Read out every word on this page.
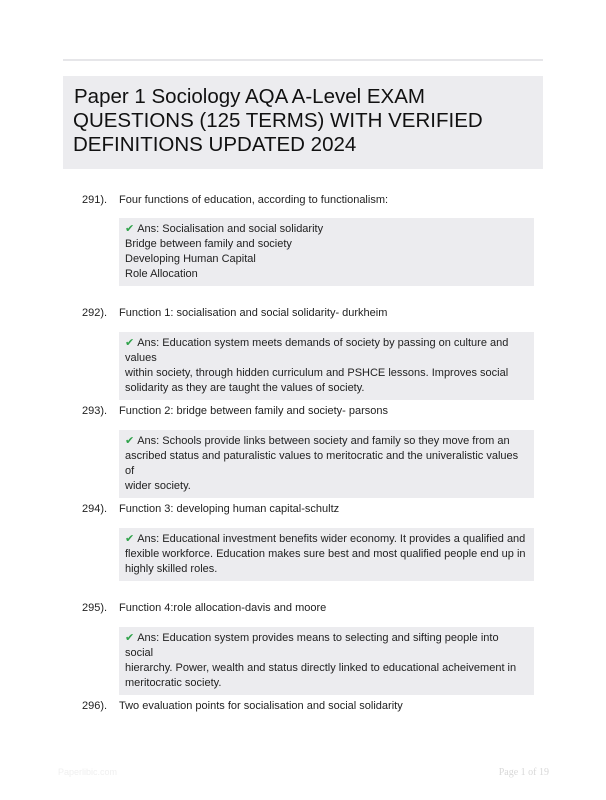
Paper 1 Sociology AQA A-Level EXAM
QUESTIONS (125 TERMS) WITH VERIFIED
DEFINITIONS UPDATED 2024
291).	Four functions of education, according to functionalism:
✔ Ans: Socialisation and social solidarity
Bridge between family and society
Developing Human Capital
Role Allocation
292).	Function 1: socialisation and social solidarity- durkheim
✔ Ans: Education system meets demands of society by passing on culture and values
within society, through hidden curriculum and PSHCE lessons. Improves social
solidarity as they are taught the values of society.
293).	Function 2: bridge between family and society- parsons
✔ Ans: Schools provide links between society and family so they move from an
ascribed status and paturalistic values to meritocratic and the univeralistic values of
wider society.
294).	Function 3: developing human capital-schultz
✔ Ans: Educational investment benefits wider economy. It provides a qualified and
flexible workforce. Education makes sure best and most qualified people end up in
highly skilled roles.
295).	Function 4:role allocation-davis and moore
✔ Ans: Education system provides means to selecting and sifting people into social
hierarchy. Power, wealth and status directly linked to educational acheivement in
meritocratic society.
296).	Two evaluation points for socialisation and social solidarity
Paperlibic.com	Page 1 of 19
